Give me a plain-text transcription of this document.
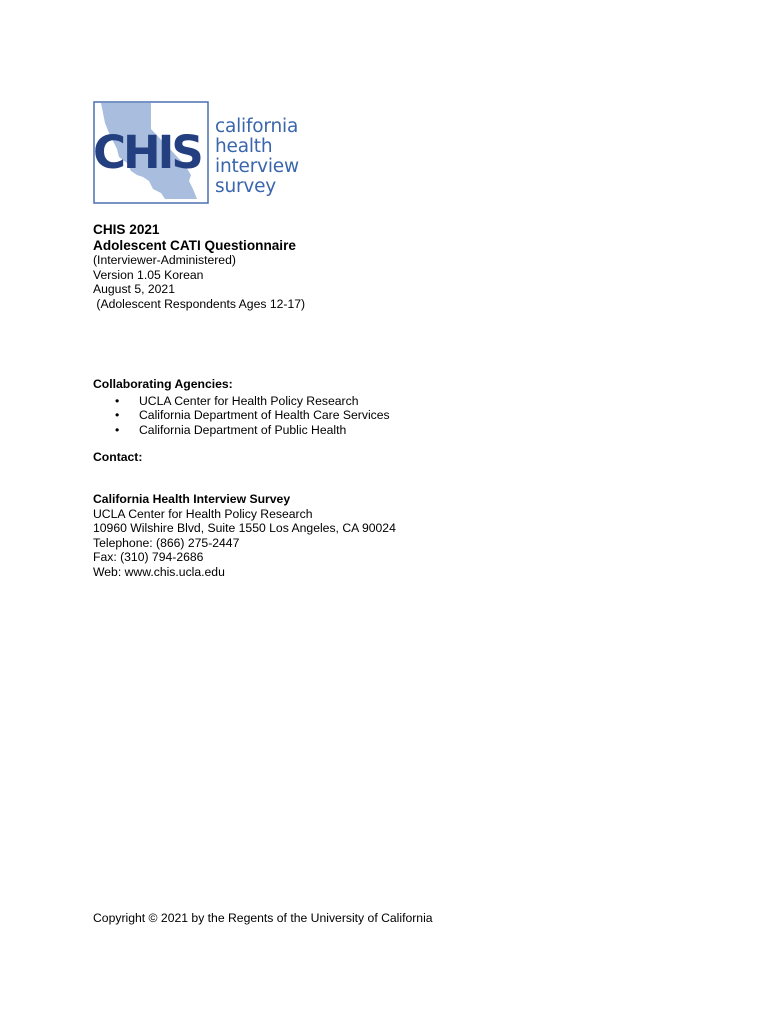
CHIS california
health
interview
survey
CHIS 2021
Adolescent CATI Questionnaire
(Interviewer-Administered)
Version 1.05 Korean
August 5, 2021
(Adolescent Respondents Ages 12-17)
Collaborating Agencies:
• UCLA Center for Health Policy Research
• California Department of Health Care Services
• California Department of Public Health
Contact:
California Health Interview Survey
UCLA Center for Health Policy Research
10960 Wilshire Blvd, Suite 1550 Los Angeles, CA 90024
Telephone: (866) 275-2447
Fax: (310) 794-2686
Web: www.chis.ucla.edu
Copyright © 2021 by the Regents of the University of California
